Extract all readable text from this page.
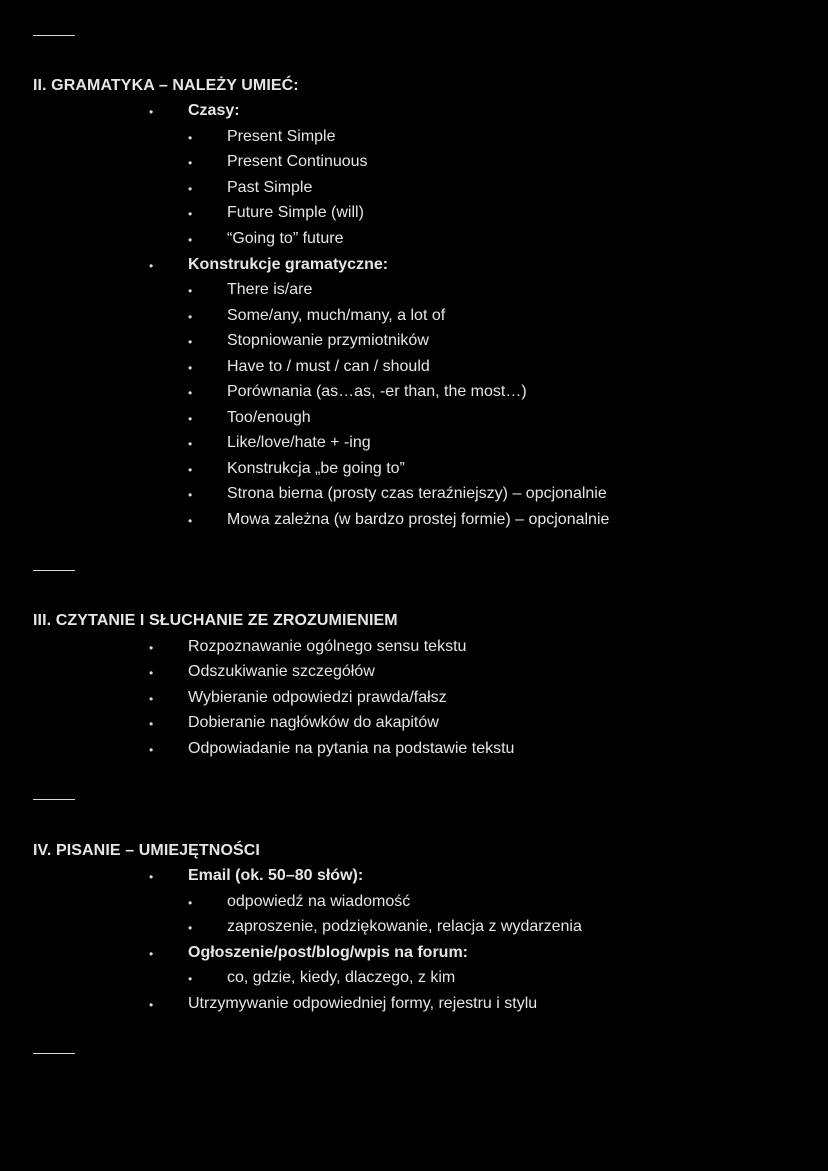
II. GRAMATYKA – NALEŻY UMIEĆ:
• Czasy:
• Present Simple
• Present Continuous
• Past Simple
• Future Simple (will)
• “Going to” future
• Konstrukcje gramatyczne:
• There is/are
• Some/any, much/many, a lot of
• Stopniowanie przymiotników
• Have to / must / can / should
• Porównania (as…as, -er than, the most…)
• Too/enough
• Like/love/hate + -ing
• Konstrukcja „be going to”
• Strona bierna (prosty czas teraźniejszy) – opcjonalnie
• Mowa zależna (w bardzo prostej formie) – opcjonalnie
III. CZYTANIE I SŁUCHANIE ZE ZROZUMIENIEM
• Rozpoznawanie ogólnego sensu tekstu
• Odszukiwanie szczegółów
• Wybieranie odpowiedzi prawda/fałsz
• Dobieranie nagłówków do akapitów
• Odpowiadanie na pytania na podstawie tekstu
IV. PISANIE – UMIEJĘTNOŚCI
• Email (ok. 50–80 słów):
• odpowiedź na wiadomość
• zaproszenie, podziękowanie, relacja z wydarzenia
• Ogłoszenie/post/blog/wpis na forum:
• co, gdzie, kiedy, dlaczego, z kim
• Utrzymywanie odpowiedniej formy, rejestru i stylu
